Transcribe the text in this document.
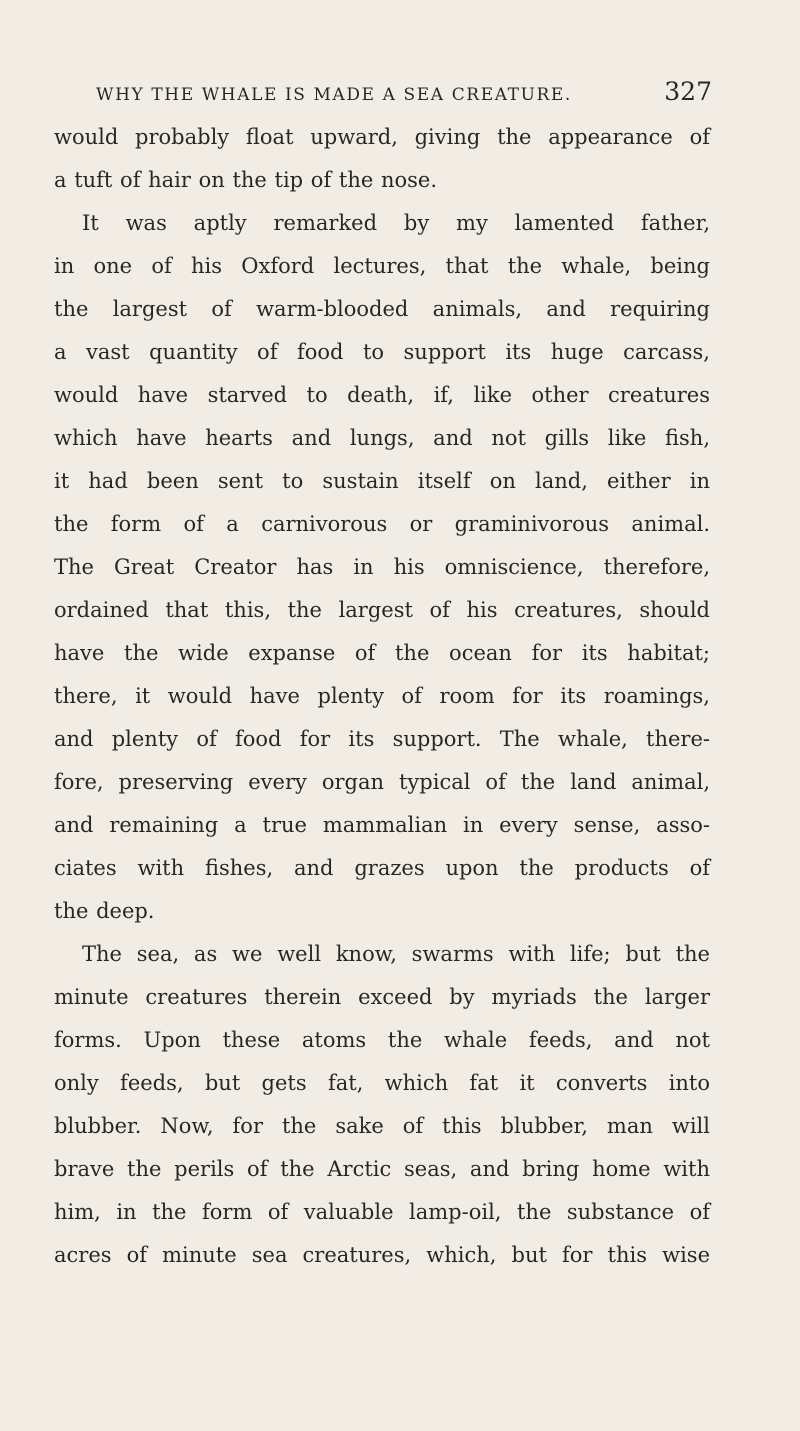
WHY THE WHALE IS MADE A SEA CREATURE.	327
would probably float upward, giving the appearance of
a tuft of hair on the tip of the nose.
It was aptly remarked by my lamented father,
in one of his Oxford lectures, that the whale, being
the largest of warm-blooded animals, and requiring
a vast quantity of food to support its huge carcass,
would have starved to death, if, like other creatures
which have hearts and lungs, and not gills like fish,
it had been sent to sustain itself on land, either in
the form of a carnivorous or graminivorous animal.
The Great Creator has in his omniscience, therefore,
ordained that this, the largest of his creatures, should
have the wide expanse of the ocean for its habitat;
there, it would have plenty of room for its roamings,
and plenty of food for its support. The whale, there-
fore, preserving every organ typical of the land animal,
and remaining a true mammalian in every sense, asso-
ciates with fishes, and grazes upon the products of
the deep.
The sea, as we well know, swarms with life; but the
minute creatures therein exceed by myriads the larger
forms. Upon these atoms the whale feeds, and not
only feeds, but gets fat, which fat it converts into
blubber. Now, for the sake of this blubber, man will
brave the perils of the Arctic seas, and bring home with
him, in the form of valuable lamp-oil, the substance of
acres of minute sea creatures, which, but for this wise
